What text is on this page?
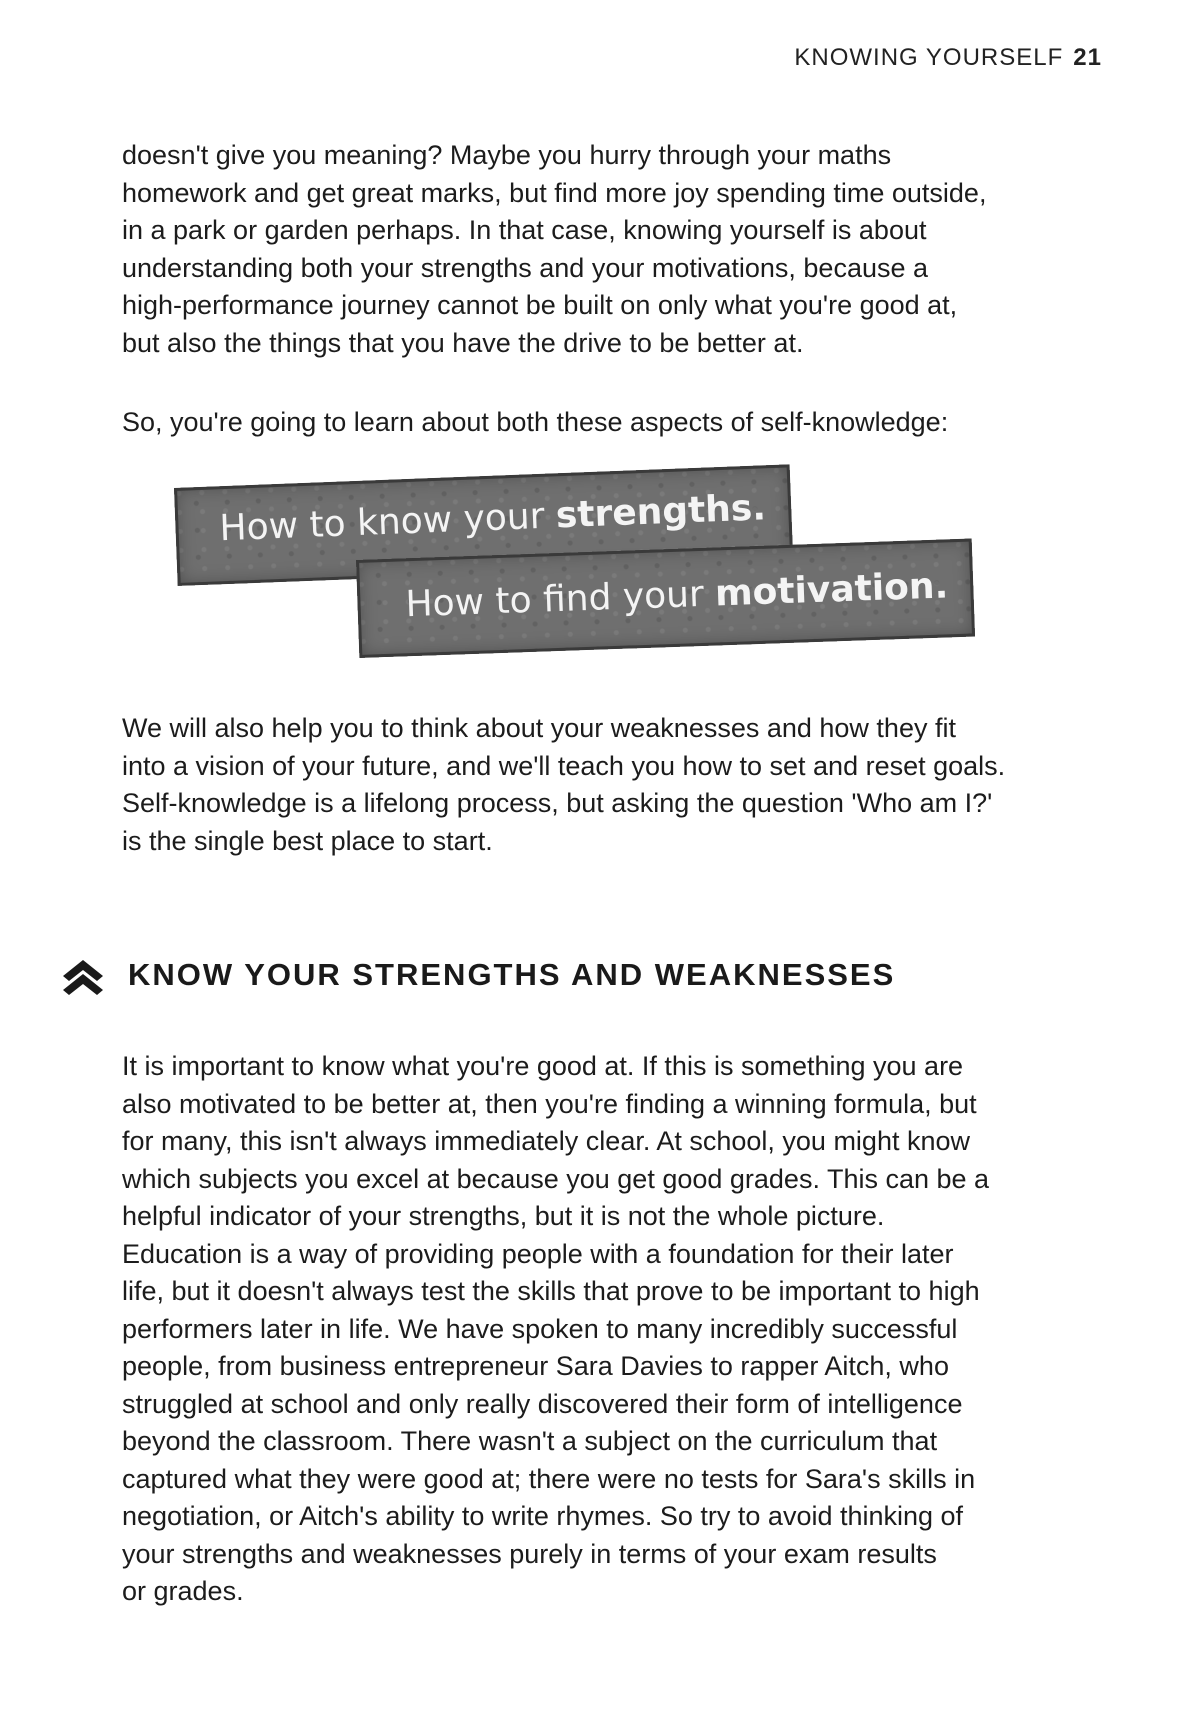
KNOWING YOURSELF 21
doesn't give you meaning? Maybe you hurry through your maths
homework and get great marks, but find more joy spending time outside,
in a park or garden perhaps. In that case, knowing yourself is about
understanding both your strengths and your motivations, because a
high-performance journey cannot be built on only what you're good at,
but also the things that you have the drive to be better at.
So, you're going to learn about both these aspects of self-knowledge:
How to know your strengths.
How to find your motivation.
We will also help you to think about your weaknesses and how they fit
into a vision of your future, and we'll teach you how to set and reset goals.
Self-knowledge is a lifelong process, but asking the question 'Who am I?'
is the single best place to start.
KNOW YOUR STRENGTHS AND WEAKNESSES
It is important to know what you're good at. If this is something you are
also motivated to be better at, then you're finding a winning formula, but
for many, this isn't always immediately clear. At school, you might know
which subjects you excel at because you get good grades. This can be a
helpful indicator of your strengths, but it is not the whole picture.
Education is a way of providing people with a foundation for their later
life, but it doesn't always test the skills that prove to be important to high
performers later in life. We have spoken to many incredibly successful
people, from business entrepreneur Sara Davies to rapper Aitch, who
struggled at school and only really discovered their form of intelligence
beyond the classroom. There wasn't a subject on the curriculum that
captured what they were good at; there were no tests for Sara's skills in
negotiation, or Aitch's ability to write rhymes. So try to avoid thinking of
your strengths and weaknesses purely in terms of your exam results
or grades.
